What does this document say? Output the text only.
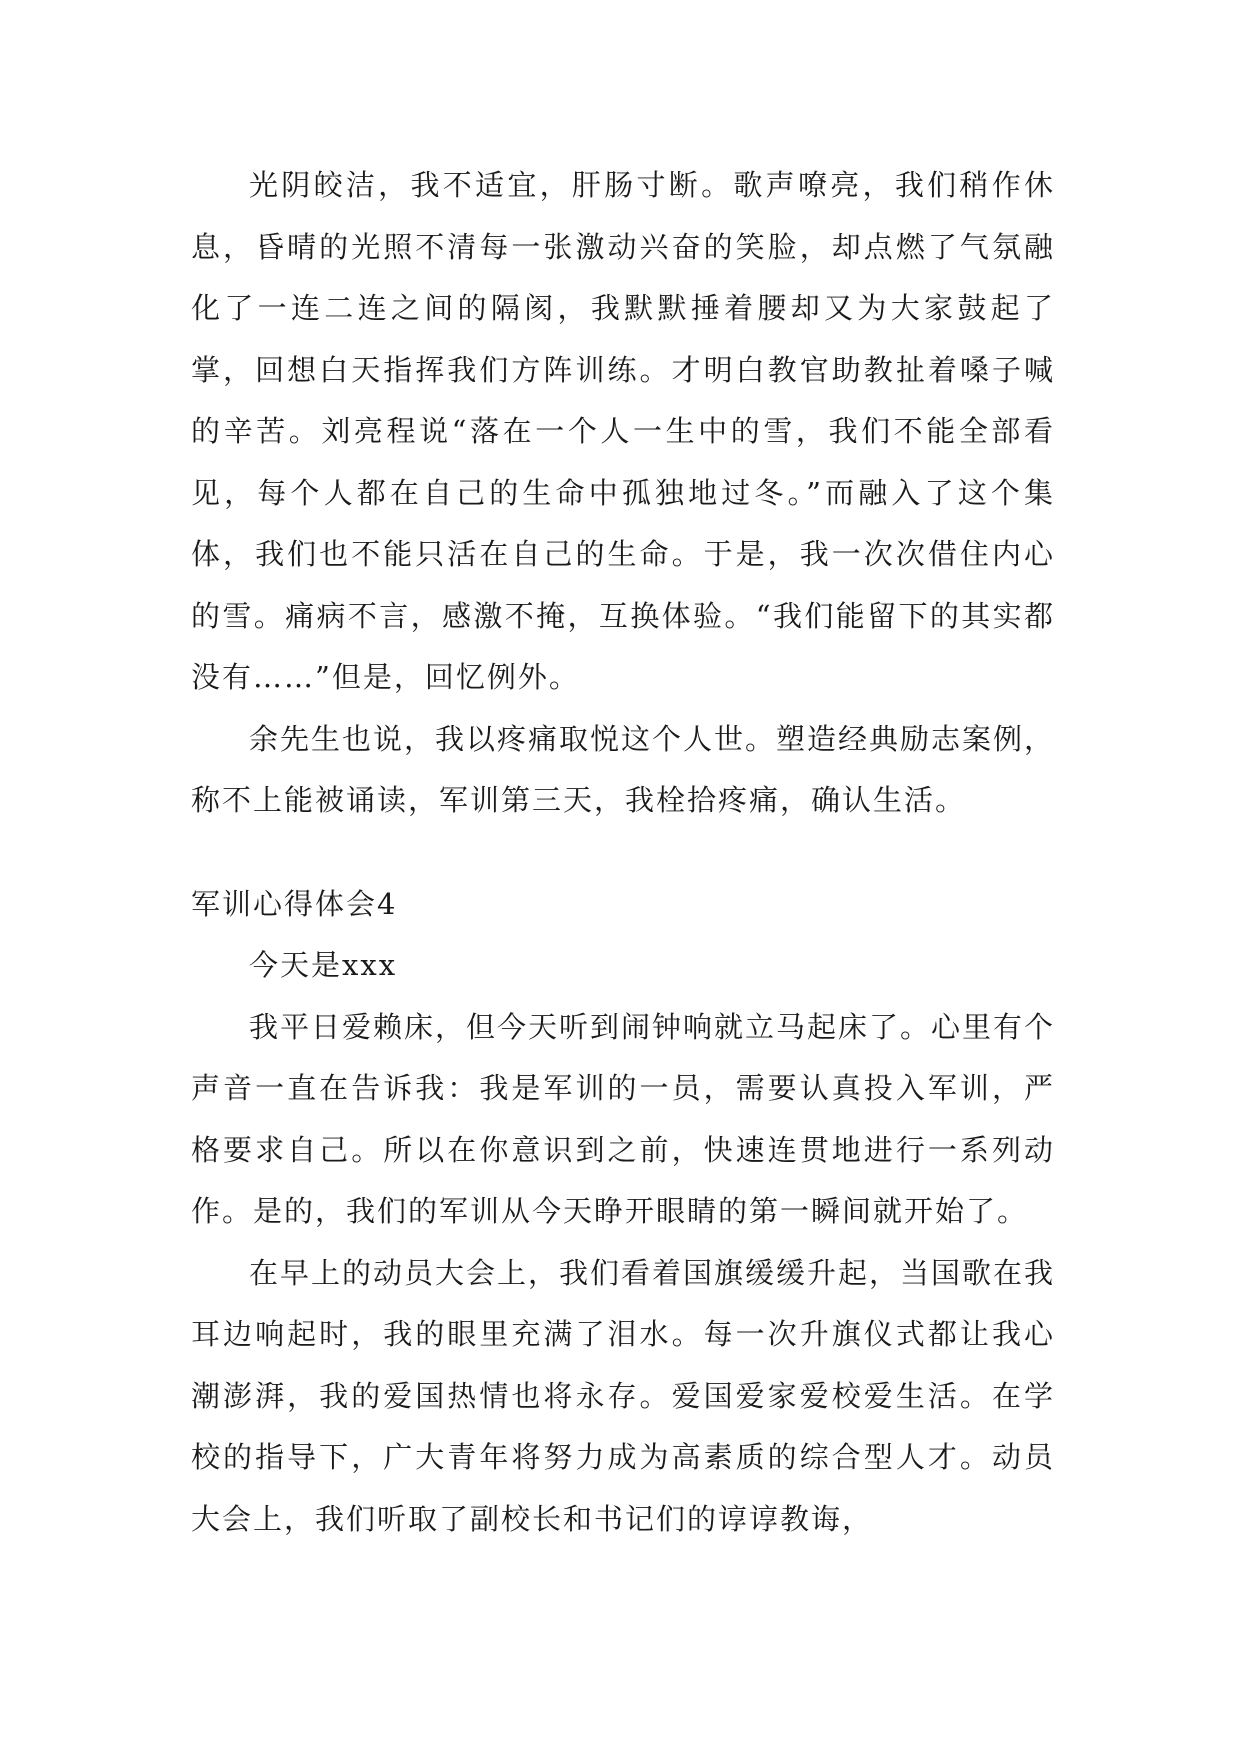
光阴皎洁，我不适宜，肝肠寸断。歌声嘹亮，我们稍作休息，昏晴的光照不清每一张激动兴奋的笑脸，却点燃了气氛融化了一连二连之间的隔阂，我默默捶着腰却又为大家鼓起了掌，回想白天指挥我们方阵训练。才明白教官助教扯着嗓子喊的辛苦。刘亮程说“落在一个人一生中的雪，我们不能全部看见，每个人都在自己的生命中孤独地过冬。”而融入了这个集体，我们也不能只活在自己的生命。于是，我一次次借住内心的雪。痛病不言，感激不掩，互换体验。“我们能留下的其实都没有……”但是，回忆例外。

余先生也说，我以疼痛取悦这个人世。塑造经典励志案例，称不上能被诵读，军训第三天，我栓拾疼痛，确认生活。

军训心得体会4

今天是xxx

我平日爱赖床，但今天听到闹钟响就立马起床了。心里有个声音一直在告诉我：我是军训的一员，需要认真投入军训，严格要求自己。所以在你意识到之前，快速连贯地进行一系列动作。是的，我们的军训从今天睁开眼睛的第一瞬间就开始了。

在早上的动员大会上，我们看着国旗缓缓升起，当国歌在我耳边响起时，我的眼里充满了泪水。每一次升旗仪式都让我心潮澎湃，我的爱国热情也将永存。爱国爱家爱校爱生活。在学校的指导下，广大青年将努力成为高素质的综合型人才。动员大会上，我们听取了副校长和书记们的谆谆教诲，
